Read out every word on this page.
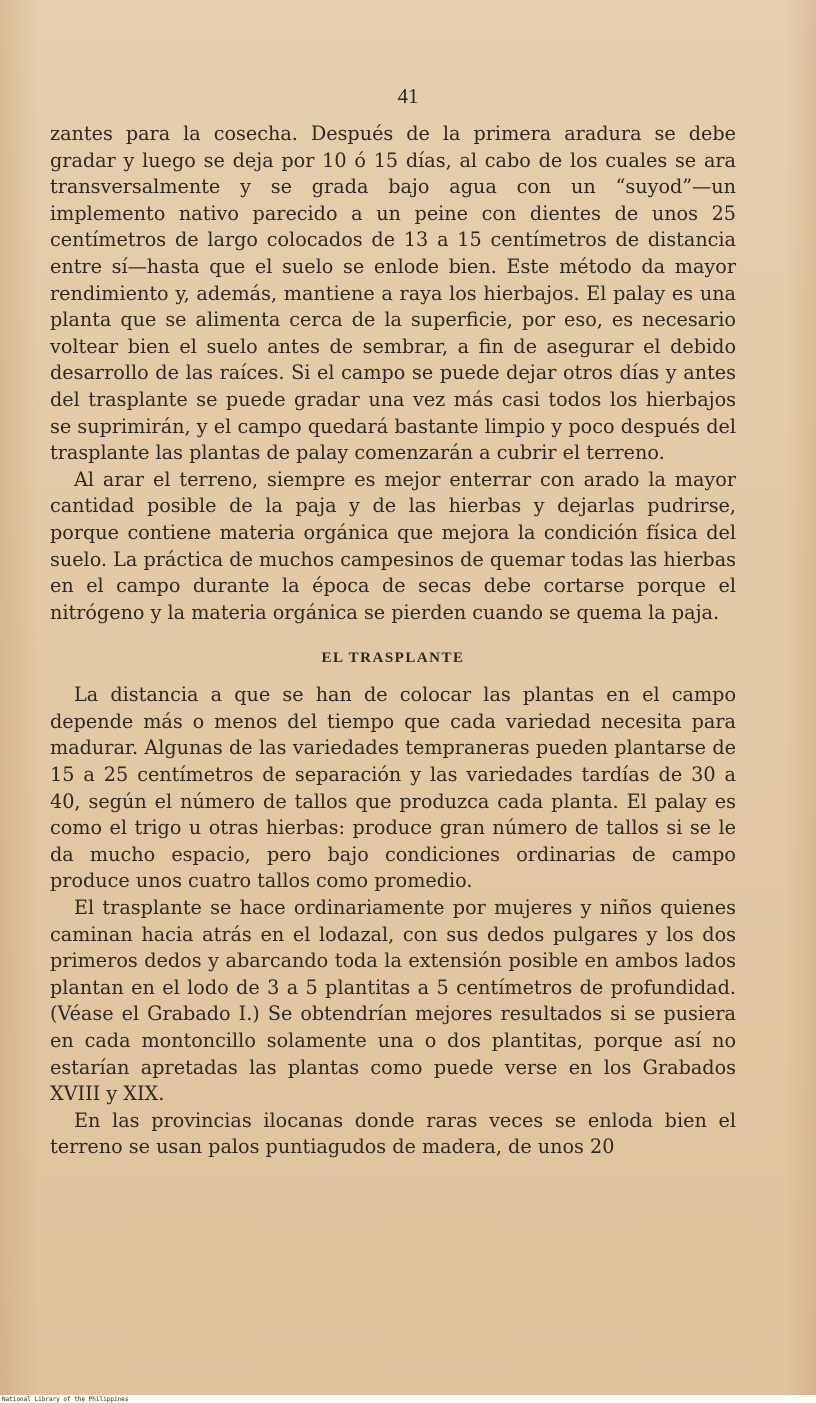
41

zantes para la cosecha. Después de la primera aradura se debe gradar y luego se deja por 10 ó 15 días, al cabo de los cuales se ara transversalmente y se grada bajo agua con un “suyod”—un implemento nativo parecido a un peine con dientes de unos 25 centímetros de largo colocados de 13 a 15 centímetros de distancia entre sí—hasta que el suelo se enlode bien. Este método da mayor rendimiento y, además, mantiene a raya los hierbajos. El palay es una planta que se alimenta cerca de la superficie, por eso, es necesario voltear bien el suelo antes de sembrar, a fin de asegurar el debido desarrollo de las raíces. Si el campo se puede dejar otros días y antes del trasplante se puede gradar una vez más casi todos los hierbajos se suprimirán, y el campo quedará bastante limpio y poco después del trasplante las plantas de palay comenzarán a cubrir el terreno.

Al arar el terreno, siempre es mejor enterrar con arado la mayor cantidad posible de la paja y de las hierbas y dejarlas pudrirse, porque contiene materia orgánica que mejora la condición física del suelo. La práctica de muchos campesinos de quemar todas las hierbas en el campo durante la época de secas debe cortarse porque el nitrógeno y la materia orgánica se pierden cuando se quema la paja.

EL TRASPLANTE

La distancia a que se han de colocar las plantas en el campo depende más o menos del tiempo que cada variedad necesita para madurar. Algunas de las variedades tempraneras pueden plantarse de 15 a 25 centímetros de separación y las variedades tardías de 30 a 40, según el número de tallos que produzca cada planta. El palay es como el trigo u otras hierbas: produce gran número de tallos si se le da mucho espacio, pero bajo condiciones ordinarias de campo produce unos cuatro tallos como promedio.

El trasplante se hace ordinariamente por mujeres y niños quienes caminan hacia atrás en el lodazal, con sus dedos pulgares y los dos primeros dedos y abarcando toda la extensión posible en ambos lados plantan en el lodo de 3 a 5 plantitas a 5 centímetros de profundidad. (Véase el Grabado I.) Se obtendrían mejores resultados si se pusiera en cada montoncillo solamente una o dos plantitas, porque así no estarían apretadas las plantas como puede verse en los Grabados XVIII y XIX.

En las provincias ilocanas donde raras veces se enloda bien el terreno se usan palos puntiagudos de madera, de unos 20

National Library of the Philippines
